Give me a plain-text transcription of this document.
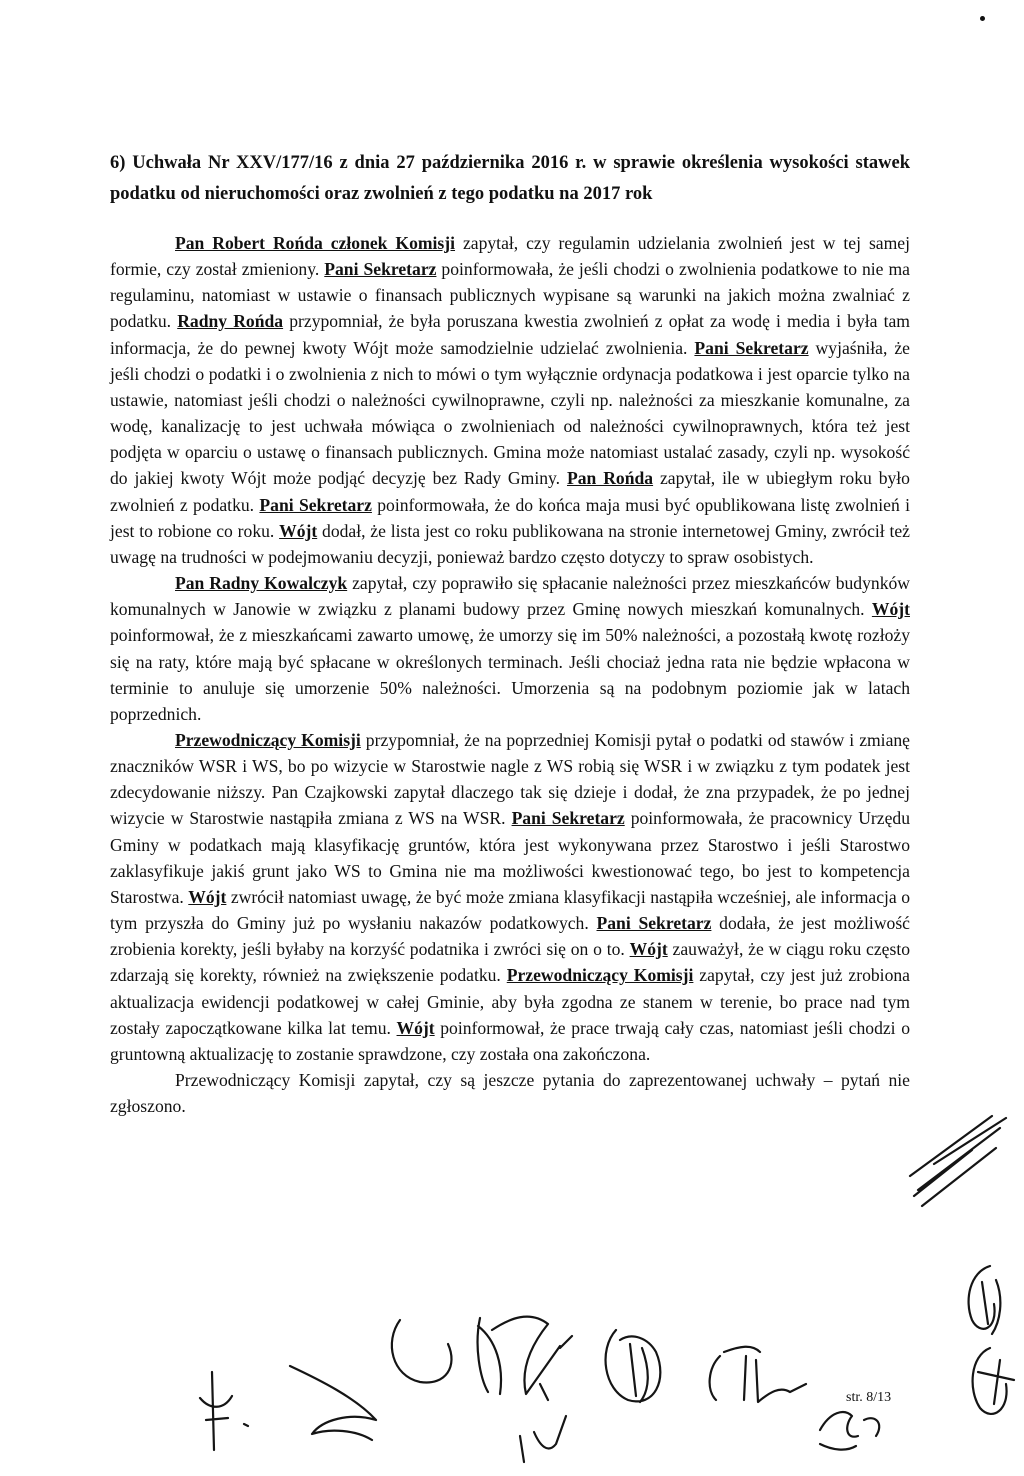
6) Uchwała Nr XXV/177/16 z dnia 27 października 2016 r. w sprawie określenia wysokości stawek podatku od nieruchomości oraz zwolnień z tego podatku na 2017 rok

Pan Robert Rońda członek Komisji zapytał, czy regulamin udzielania zwolnień jest w tej samej formie, czy został zmieniony. Pani Sekretarz poinformowała, że jeśli chodzi o zwolnienia podatkowe to nie ma regulaminu, natomiast w ustawie o finansach publicznych wypisane są warunki na jakich można zwalniać z podatku. Radny Rońda przypomniał, że była poruszana kwestia zwolnień z opłat za wodę i media i była tam informacja, że do pewnej kwoty Wójt może samodzielnie udzielać zwolnienia. Pani Sekretarz wyjaśniła, że jeśli chodzi o podatki i o zwolnienia z nich to mówi o tym wyłącznie ordynacja podatkowa i jest oparcie tylko na ustawie, natomiast jeśli chodzi o należności cywilnoprawne, czyli np. należności za mieszkanie komunalne, za wodę, kanalizację to jest uchwała mówiąca o zwolnieniach od należności cywilnoprawnych, która też jest podjęta w oparciu o ustawę o finansach publicznych. Gmina może natomiast ustalać zasady, czyli np. wysokość do jakiej kwoty Wójt może podjąć decyzję bez Rady Gminy. Pan Rońda zapytał, ile w ubiegłym roku było zwolnień z podatku. Pani Sekretarz poinformowała, że do końca maja musi być opublikowana listę zwolnień i jest to robione co roku. Wójt dodał, że lista jest co roku publikowana na stronie internetowej Gminy, zwrócił też uwagę na trudności w podejmowaniu decyzji, ponieważ bardzo często dotyczy to spraw osobistych.

Pan Radny Kowalczyk zapytał, czy poprawiło się spłacanie należności przez mieszkańców budynków komunalnych w Janowie w związku z planami budowy przez Gminę nowych mieszkań komunalnych. Wójt poinformował, że z mieszkańcami zawarto umowę, że umorzy się im 50% należności, a pozostałą kwotę rozłoży się na raty, które mają być spłacane w określonych terminach. Jeśli chociaż jedna rata nie będzie wpłacona w terminie to anuluje się umorzenie 50% należności. Umorzenia są na podobnym poziomie jak w latach poprzednich.

Przewodniczący Komisji przypomniał, że na poprzedniej Komisji pytał o podatki od stawów i zmianę znaczników WSR i WS, bo po wizycie w Starostwie nagle z WS robią się WSR i w związku z tym podatek jest zdecydowanie niższy. Pan Czajkowski zapytał dlaczego tak się dzieje i dodał, że zna przypadek, że po jednej wizycie w Starostwie nastąpiła zmiana z WS na WSR. Pani Sekretarz poinformowała, że pracownicy Urzędu Gminy w podatkach mają klasyfikację gruntów, która jest wykonywana przez Starostwo i jeśli Starostwo zaklasyfikuje jakiś grunt jako WS to Gmina nie ma możliwości kwestionować tego, bo jest to kompetencja Starostwa. Wójt zwrócił natomiast uwagę, że być może zmiana klasyfikacji nastąpiła wcześniej, ale informacja o tym przyszła do Gminy już po wysłaniu nakazów podatkowych. Pani Sekretarz dodała, że jest możliwość zrobienia korekty, jeśli byłaby na korzyść podatnika i zwróci się on o to. Wójt zauważył, że w ciągu roku często zdarzają się korekty, również na zwiększenie podatku. Przewodniczący Komisji zapytał, czy jest już zrobiona aktualizacja ewidencji podatkowej w całej Gminie, aby była zgodna ze stanem w terenie, bo prace nad tym zostały zapoczątkowane kilka lat temu. Wójt poinformował, że prace trwają cały czas, natomiast jeśli chodzi o gruntowną aktualizację to zostanie sprawdzone, czy została ona zakończona.

Przewodniczący Komisji zapytał, czy są jeszcze pytania do zaprezentowanej uchwały – pytań nie zgłoszono.

str. 8/13
